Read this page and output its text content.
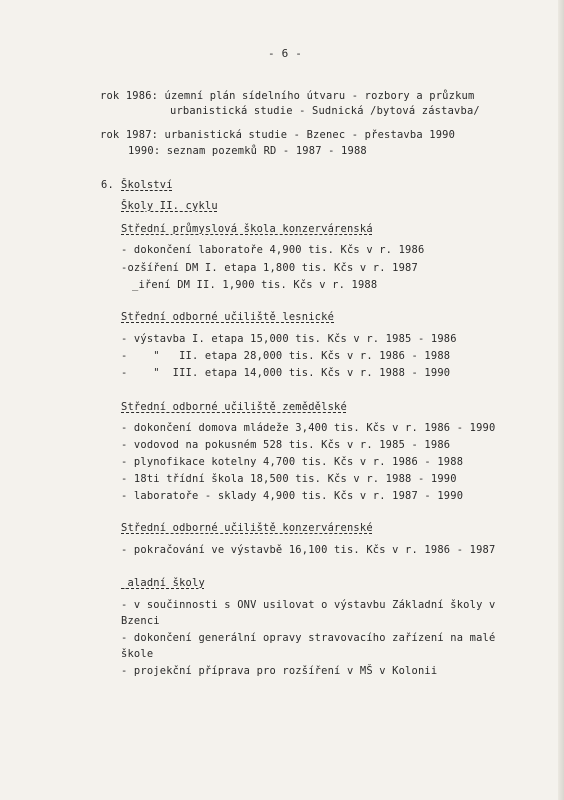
- 6 -
rok 1986: územní plán sídelního útvaru - rozbory a průzkum
urbanistická studie - Sudnická /bytová zástavba/
rok 1987: urbanistická studie - Bzenec - přestavba 1990
1990: seznam pozemků RD - 1987 - 1988
6. Školství
Školy II. cyklu
Střední průmyslová škola konzervárenská
- dokončení laboratoře 4,900 tis. Kčs v r. 1986
-ozšíření DM I. etapa 1,800 tis. Kčs v r. 1987
_iření DM II. 1,900 tis. Kčs v r. 1988
Střední odborné učiliště lesnické
- výstavba I. etapa 15,000 tis. Kčs v r. 1985 - 1986
-    "   II. etapa 28,000 tis. Kčs v r. 1986 - 1988
-    "  III. etapa 14,000 tis. Kčs v r. 1988 - 1990
Střední odborné učiliště zemědělské
- dokončení domova mládeže 3,400 tis. Kčs v r. 1986 - 1990
- vodovod na pokusném 528 tis. Kčs v r. 1985 - 1986
- plynofikace kotelny 4,700 tis. Kčs v r. 1986 - 1988
- 18ti třídní škola 18,500 tis. Kčs v r. 1988 - 1990
- laboratoře - sklady 4,900 tis. Kčs v r. 1987 - 1990
Střední odborné učiliště konzervárenské
- pokračování ve výstavbě 16,100 tis. Kčs v r. 1986 - 1987
_aladní školy
- v součinnosti s ONV usilovat o výstavbu Základní školy v
Bzenci
- dokončení generální opravy stravovacího zařízení na malé
škole
- projekční příprava pro rozšíření v MŠ v Kolonii
